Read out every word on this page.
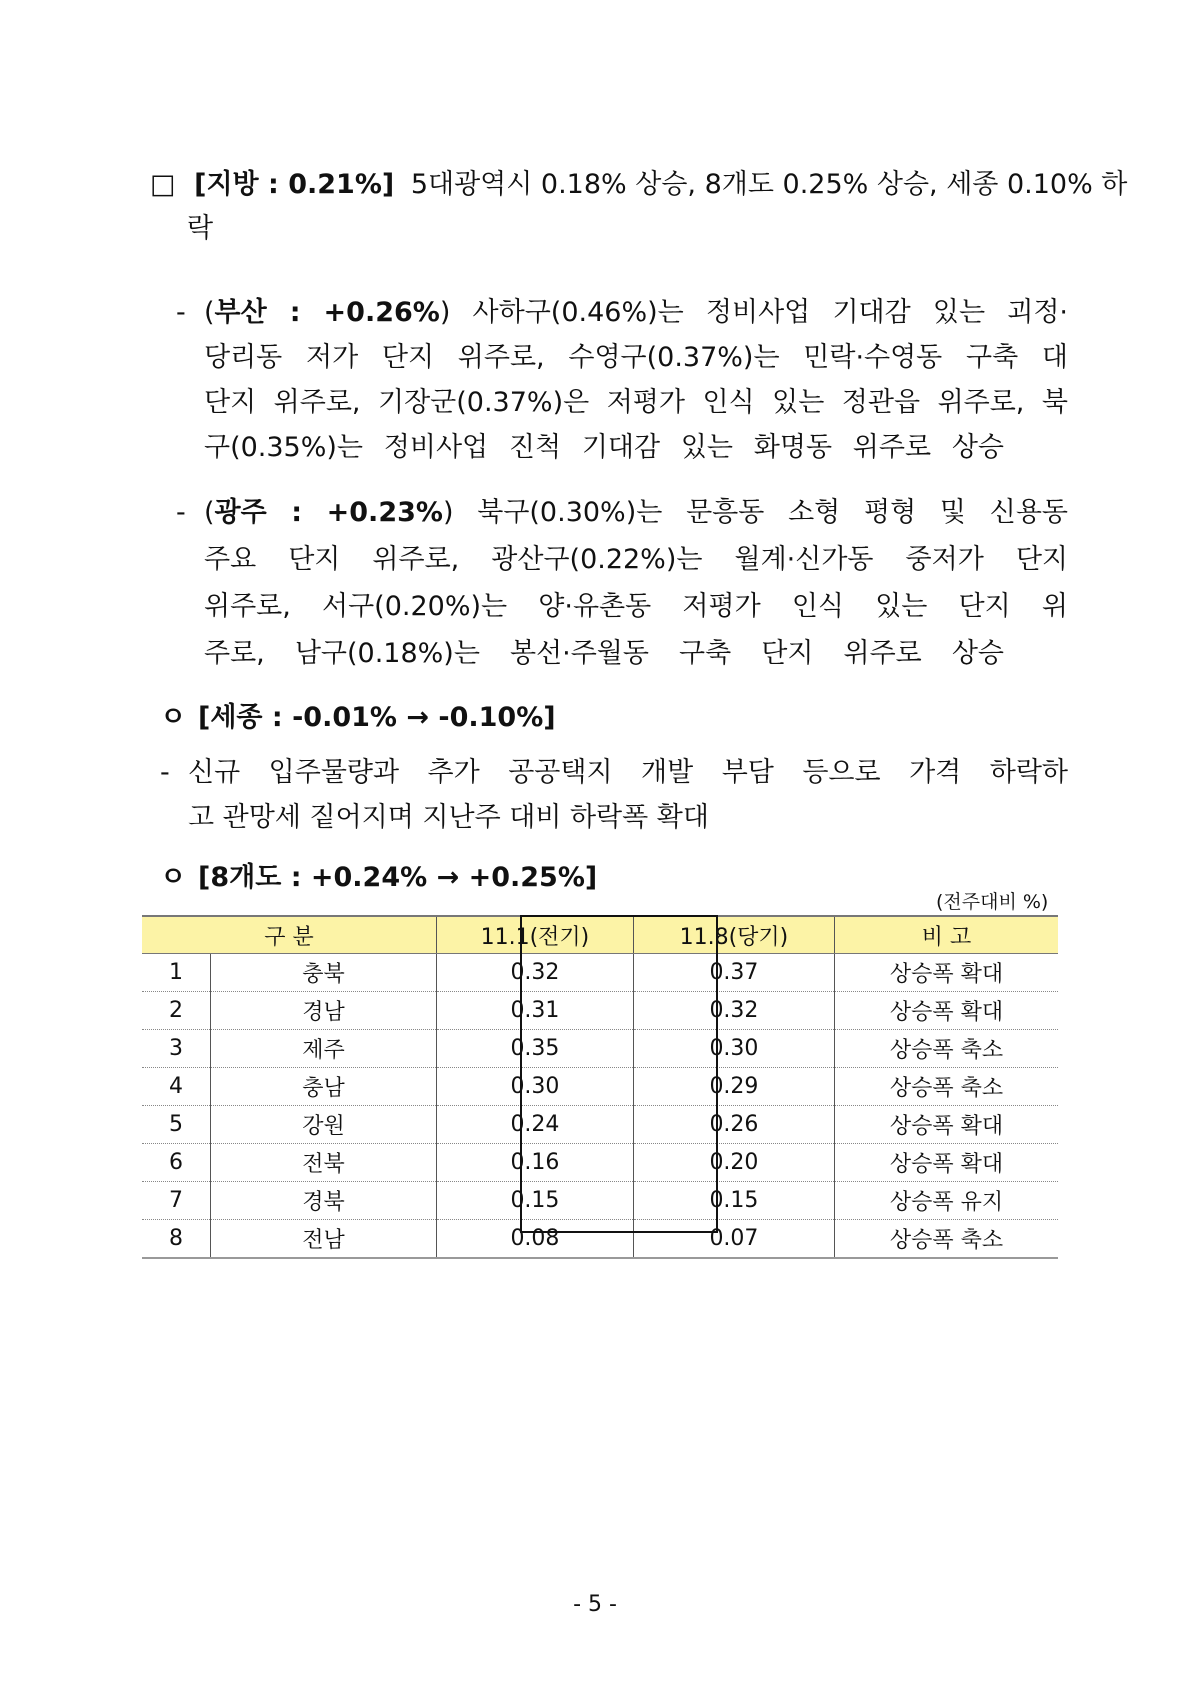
□ [지방 : 0.21%] 5대광역시 0.18% 상승, 8개도 0.25% 상승, 세종 0.10% 하
락
- (부산 : +0.26%) 사하구(0.46%)는 정비사업 기대감 있는 괴정·
당리동 저가 단지 위주로, 수영구(0.37%)는 민락·수영동 구축 대
단지 위주로, 기장군(0.37%)은 저평가 인식 있는 정관읍 위주로, 북
구(0.35%)는 정비사업 진척 기대감 있는 화명동 위주로 상승
- (광주 : +0.23%) 북구(0.30%)는 문흥동 소형 평형 및 신용동
주요 단지 위주로, 광산구(0.22%)는 월계·신가동 중저가 단지
위주로, 서구(0.20%)는 양·유촌동 저평가 인식 있는 단지 위
주로, 남구(0.18%)는 봉선·주월동 구축 단지 위주로 상승
ㅇ [세종 : -0.01% → -0.10%]
- 신규 입주물량과 추가 공공택지 개발 부담 등으로 가격 하락하
고 관망세 짙어지며 지난주 대비 하락폭 확대
ㅇ [8개도 : +0.24% → +0.25%]
(전주대비 %)
구 분		11.1(전기)	11.8(당기)	비 고
1	충북	0.32	0.37	상승폭 확대
2	경남	0.31	0.32	상승폭 확대
3	제주	0.35	0.30	상승폭 축소
4	충남	0.30	0.29	상승폭 축소
5	강원	0.24	0.26	상승폭 확대
6	전북	0.16	0.20	상승폭 확대
7	경북	0.15	0.15	상승폭 유지
8	전남	0.08	0.07	상승폭 축소
- 5 -
